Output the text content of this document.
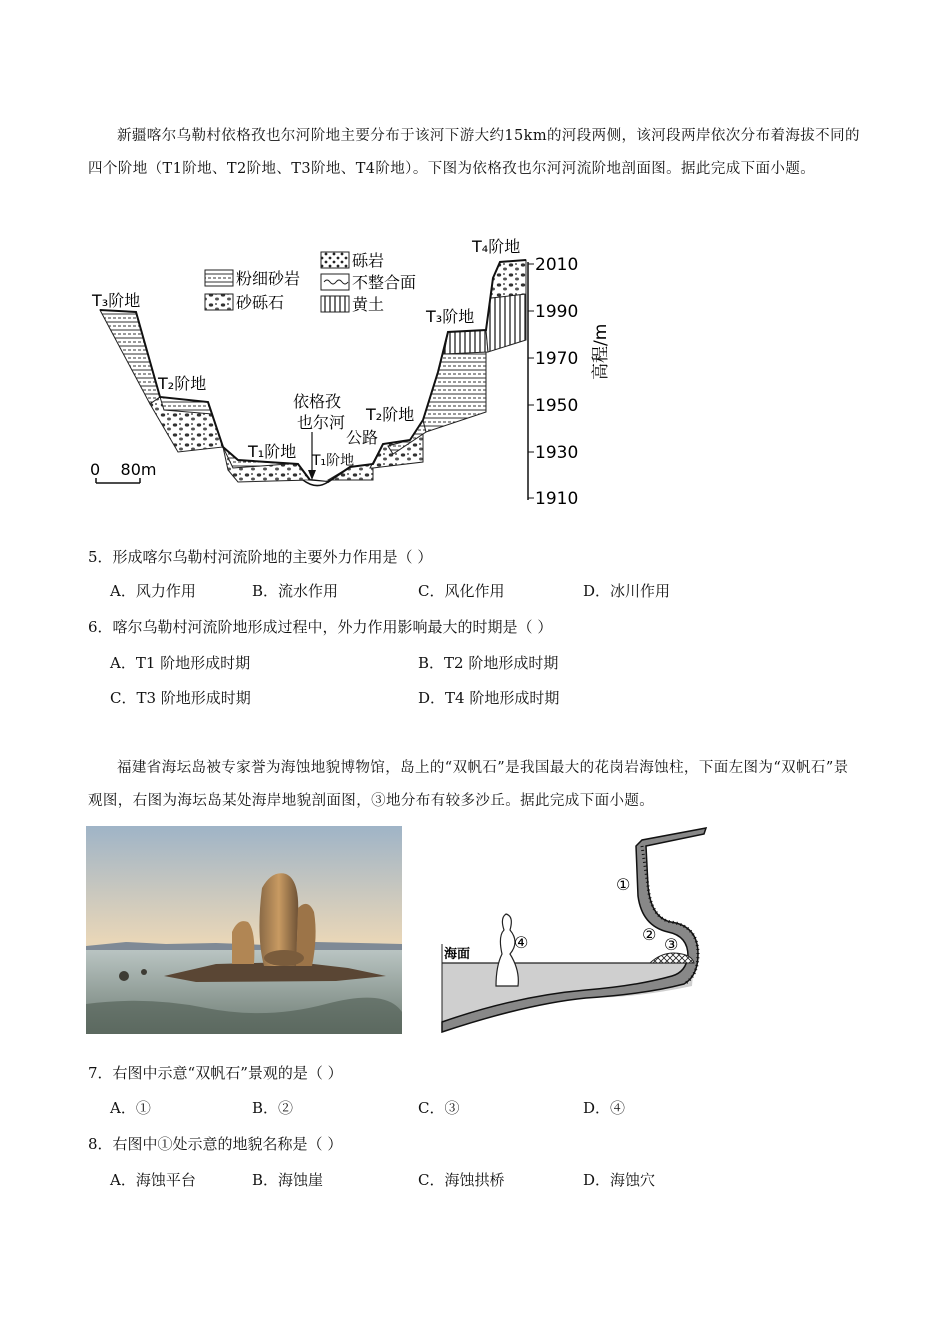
新疆喀尔乌勒村依格孜也尔河阶地主要分布于该河下游大约15km的河段两侧，该河段两岸依次分布着海拔不同的四个阶地（T1阶地、T2阶地、T3阶地、T4阶地）。下图为依格孜也尔河河流阶地剖面图。据此完成下面小题。
粉细砂岩
砂砾石
砾岩
不整合面
黄土
T₃阶地
T₂阶地
T₁阶地
依格孜
也尔河
T₁阶地
公路
T₂阶地
T₃阶地
T₄阶地
0    80m
2010
1990
1970
1950
1930
1910
高程/m
5．形成喀尔乌勒村河流阶地的主要外力作用是（ ）
A．风力作用	B．流水作用	C．风化作用	D．冰川作用
6．喀尔乌勒村河流阶地形成过程中，外力作用影响最大的时期是（ ）
A．T1 阶地形成时期	B．T2 阶地形成时期
C．T3 阶地形成时期	D．T4 阶地形成时期
福建省海坛岛被专家誉为海蚀地貌博物馆，岛上的“双帆石”是我国最大的花岗岩海蚀柱，下面左图为“双帆石”景观图，右图为海坛岛某处海岸地貌剖面图，③地分布有较多沙丘。据此完成下面小题。
海面
①
②
③
④
7．右图中示意“双帆石”景观的是（ ）
A．①	B．②	C．③	D．④
8．右图中①处示意的地貌名称是（ ）
A．海蚀平台	B．海蚀崖	C．海蚀拱桥	D．海蚀穴
